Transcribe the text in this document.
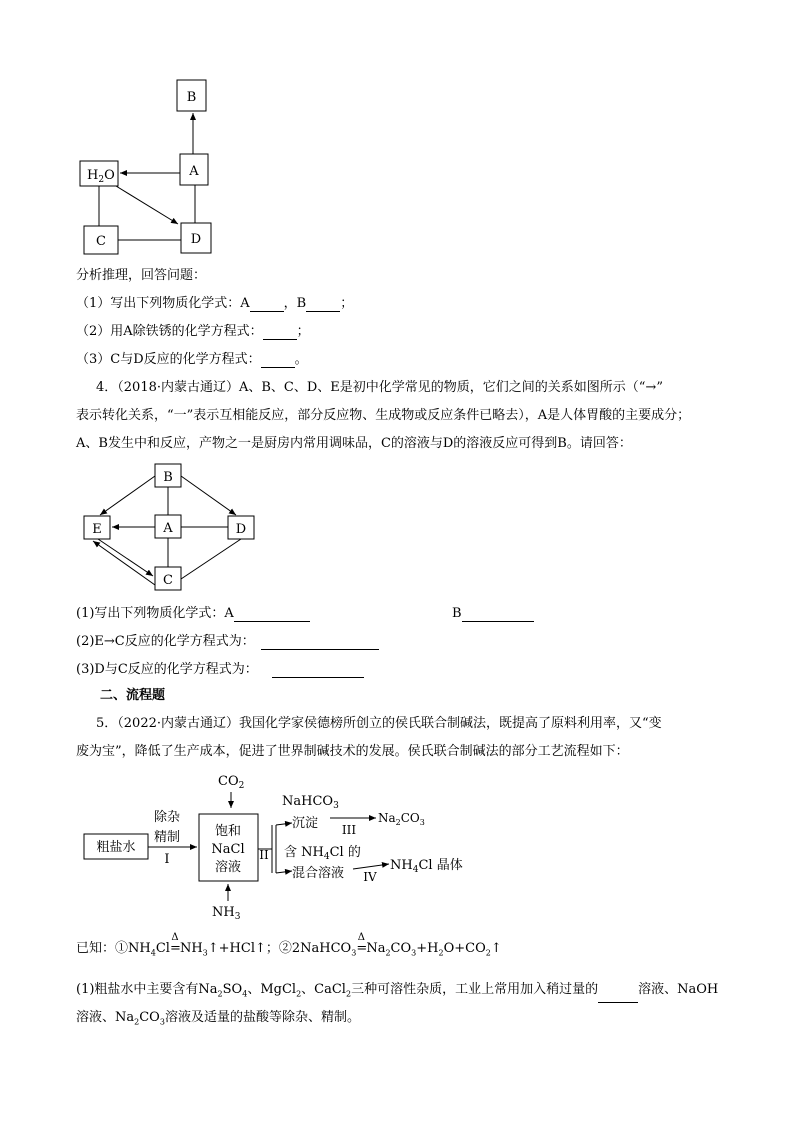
B
A
$H_2O$
C	D
分析推理，回答问题：
（1）写出下列物质化学式：A	，B	；
（2）用A除铁锈的化学方程式：	；
（3）C与D反应的化学方程式：	。
4．（2018·内蒙古通辽）A、B、C、D、E是初中化学常见的物质，它们之间的关系如图所示（“→”
表示转化关系，“一”表示互相能反应，部分反应物、生成物或反应条件已略去），A是人体胃酸的主要成分；
A、B发生中和反应，产物之一是厨房内常用调味品，C的溶液与D的溶液反应可得到B。请回答：
B
A
E	D
C
(1)写出下列物质化学式：A	B
(2)E→C反应的化学方程式为：
(3)D与C反应的化学方程式为：
二、流程题
5．（2022·内蒙古通辽）我国化学家侯德榜所创立的侯氏联合制碱法，既提高了原料利用率，又“变
废为宝”，降低了生产成本，促进了世界制碱技术的发展。侯氏联合制碱法的部分工艺流程如下：
$CO_2$
粗盐水
除杂
精制
I
饱和
NaCl
溶液
$NH_3$
II
NaHCO$_3$
沉淀 III
$Na_2CO_3$
含 $NH_4Cl$ 的
混合溶液 IV
$NH_4Cl$ 晶体
已知：$①NH_4Cl$
Δ
$=NH_3↑+HCl↑$；②2NaHCO$_3$
Δ
$=Na_2CO_3+H_2O+CO_2↑$
(1)粗盐水中主要含有$Na_2SO_4$、MgCl$_2$、CaCl$_2$三种可溶性杂质，工业上常用加入稍过量的	溶液、NaOH
溶液、$Na_2CO_3$溶液及适量的盐酸等除杂、精制。
